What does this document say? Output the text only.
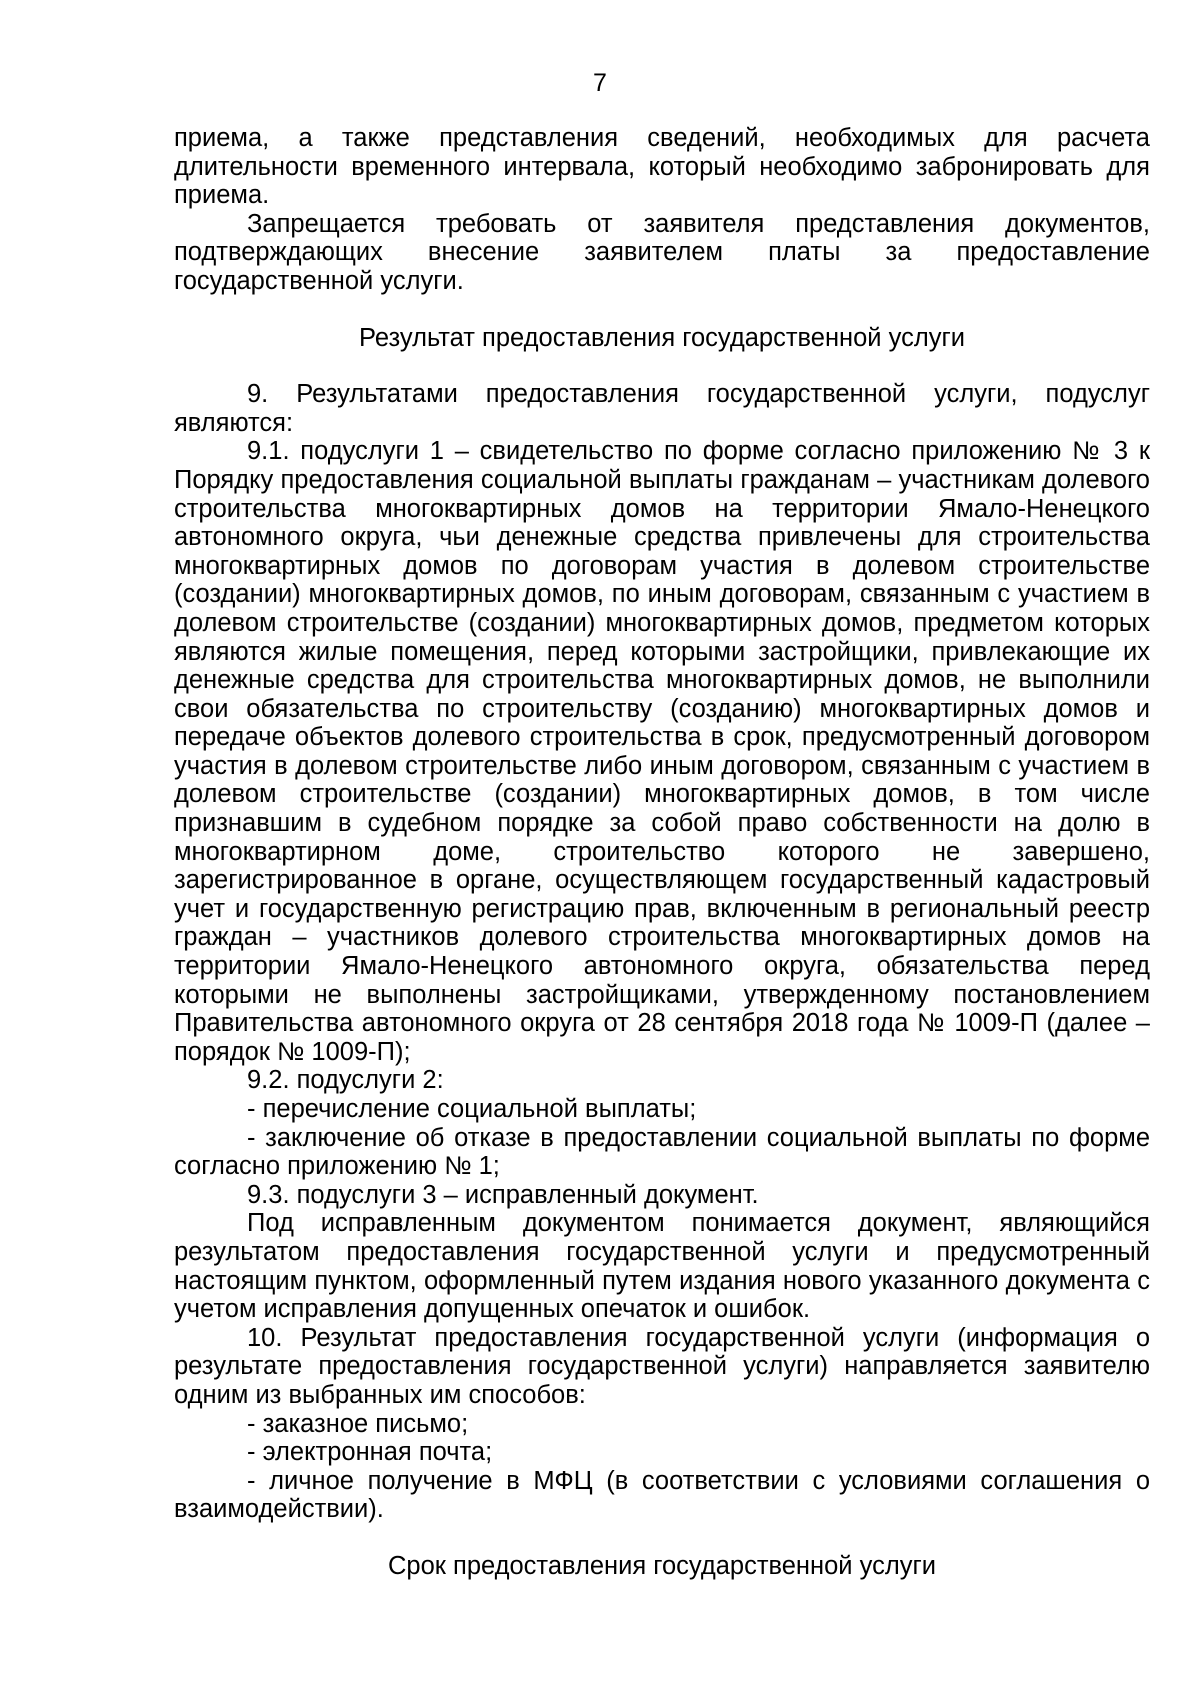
7

приема, а также представления сведений, необходимых для расчета длительности временного интервала, который необходимо забронировать для приема.

Запрещается требовать от заявителя представления документов, подтверждающих внесение заявителем платы за предоставление государственной услуги.

Результат предоставления государственной услуги

9. Результатами предоставления государственной услуги, подуслуг являются:

9.1. подуслуги 1 – свидетельство по форме согласно приложению № 3 к Порядку предоставления социальной выплаты гражданам – участникам долевого строительства многоквартирных домов на территории Ямало-Ненецкого автономного округа, чьи денежные средства привлечены для строительства многоквартирных домов по договорам участия в долевом строительстве (создании) многоквартирных домов, по иным договорам, связанным с участием в долевом строительстве (создании) многоквартирных домов, предметом которых являются жилые помещения, перед которыми застройщики, привлекающие их денежные средства для строительства многоквартирных домов, не выполнили свои обязательства по строительству (созданию) многоквартирных домов и передаче объектов долевого строительства в срок, предусмотренный договором участия в долевом строительстве либо иным договором, связанным с участием в долевом строительстве (создании) многоквартирных домов, в том числе признавшим в судебном порядке за собой право собственности на долю в многоквартирном доме, строительство которого не завершено, зарегистрированное в органе, осуществляющем государственный кадастровый учет и государственную регистрацию прав, включенным в региональный реестр граждан – участников долевого строительства многоквартирных домов на территории Ямало-Ненецкого автономного округа, обязательства перед которыми не выполнены застройщиками, утвержденному постановлением Правительства автономного округа от 28 сентября 2018 года № 1009-П (далее – порядок № 1009-П);

9.2. подуслуги 2:

- перечисление социальной выплаты;

- заключение об отказе в предоставлении социальной выплаты по форме согласно приложению № 1;

9.3. подуслуги 3 – исправленный документ.

Под исправленным документом понимается документ, являющийся результатом предоставления государственной услуги и предусмотренный настоящим пунктом, оформленный путем издания нового указанного документа с учетом исправления допущенных опечаток и ошибок.

10. Результат предоставления государственной услуги (информация о результате предоставления государственной услуги) направляется заявителю одним из выбранных им способов:

- заказное письмо;

- электронная почта;

- личное получение в МФЦ (в соответствии с условиями соглашения о взаимодействии).

Срок предоставления государственной услуги
